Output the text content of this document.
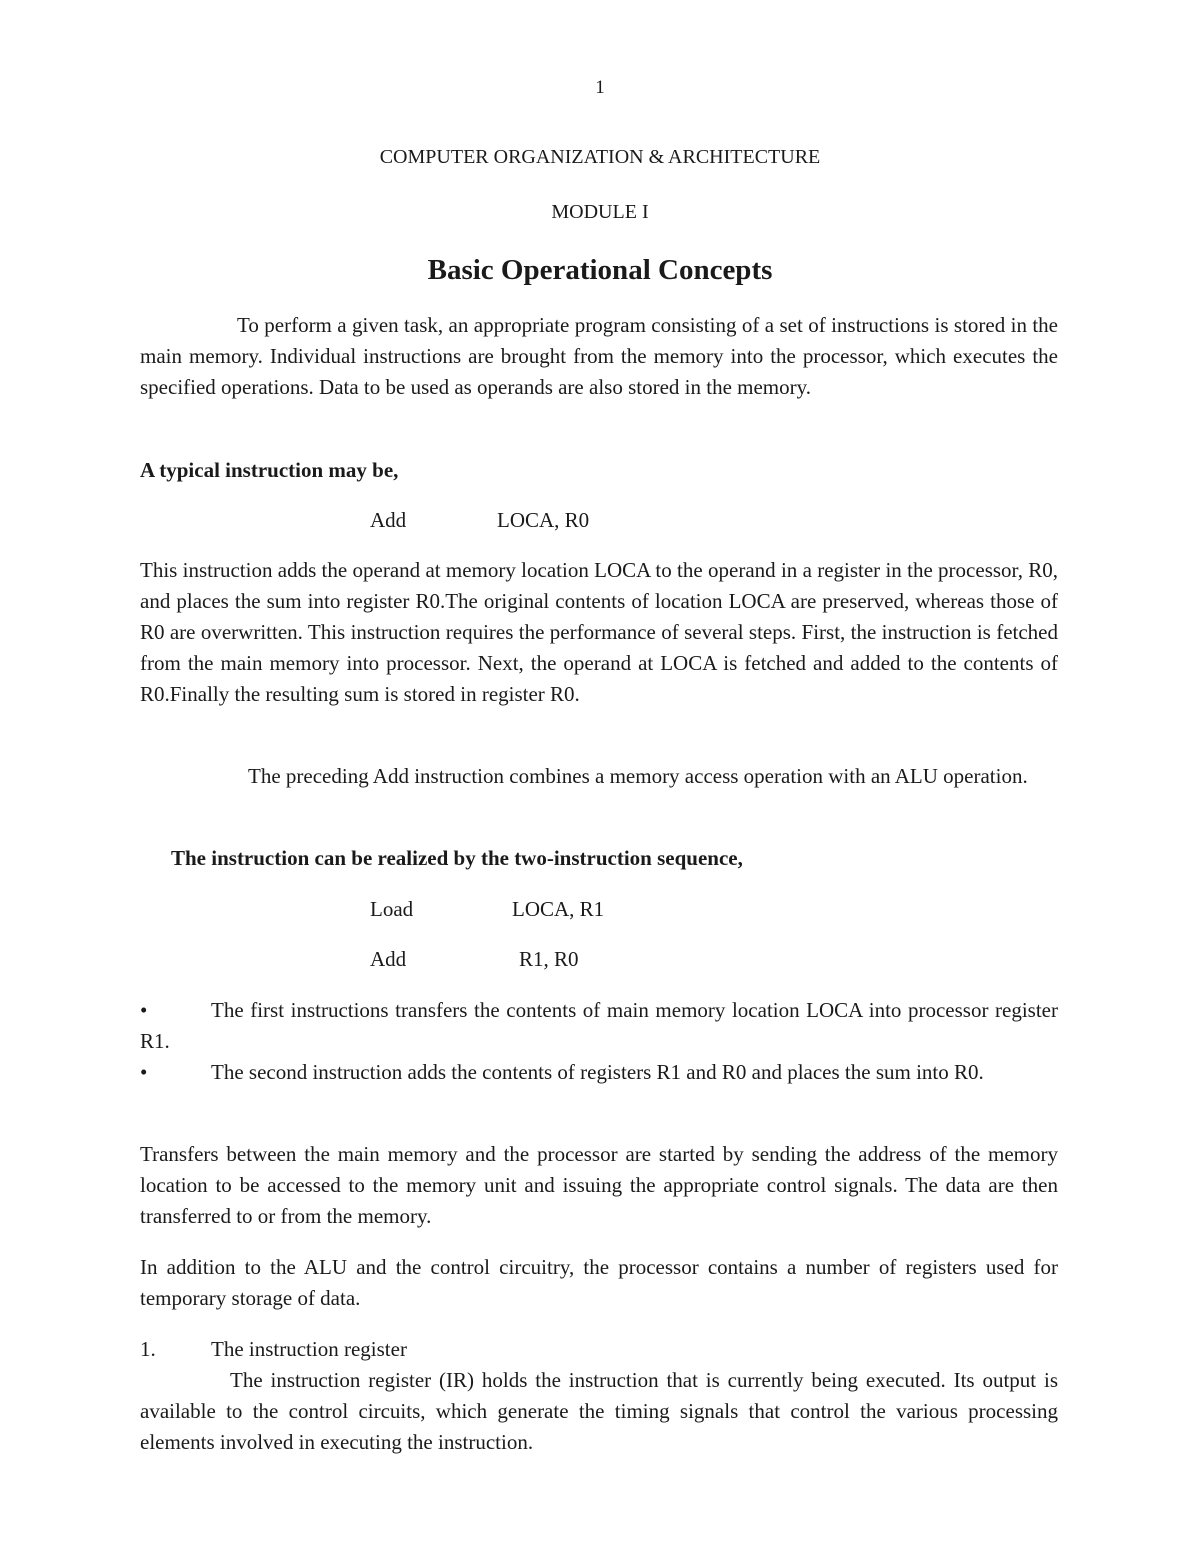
1
COMPUTER ORGANIZATION & ARCHITECTURE
MODULE I
Basic Operational Concepts

To perform a given task, an appropriate program consisting of a set of instructions is stored in the main memory. Individual instructions are brought from the memory into the processor, which executes the specified operations. Data to be used as operands are also stored in the memory.

A typical instruction may be,

Add	LOCA, R0

This instruction adds the operand at memory location LOCA to the operand in a register in the processor, R0, and places the sum into register R0.The original contents of location LOCA are preserved, whereas those of R0 are overwritten. This instruction requires the performance of several steps. First, the instruction is fetched from the main memory into processor. Next, the operand at LOCA is fetched and added to the contents of R0.Finally the resulting sum is stored in register R0.

The preceding Add instruction combines a memory access operation with an ALU operation.

The instruction can be realized by the two-instruction sequence,

Load	LOCA, R1

Add	R1, R0

•	The first instructions transfers the contents of main memory location LOCA into processor register R1.

•	The second instruction adds the contents of registers R1 and R0 and places the sum into R0.

Transfers between the main memory and the processor are started by sending the address of the memory location to be accessed to the memory unit and issuing the appropriate control signals. The data are then transferred to or from the memory.

In addition to the ALU and the control circuitry, the processor contains a number of registers used for temporary storage of data.

1.	The instruction register

The instruction register (IR) holds the instruction that is currently being executed. Its output is available to the control circuits, which generate the timing signals that control the various processing elements involved in executing the instruction.
